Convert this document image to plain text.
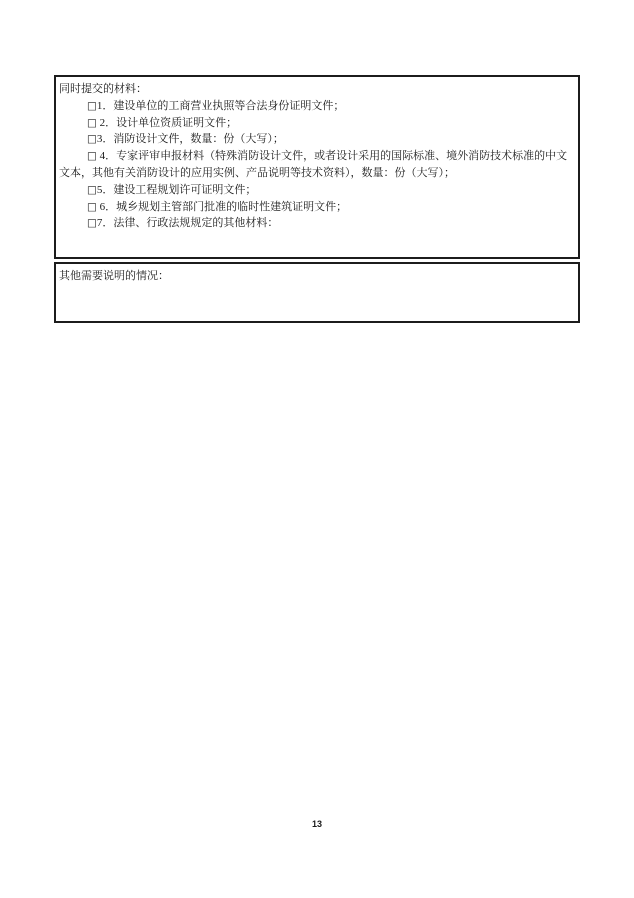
同时提交的材料：
□1．建设单位的工商营业执照等合法身份证明文件；
□ 2．设计单位资质证明文件；
□3．消防设计文件，数量：份（大写）；
□ 4．专家评审申报材料（特殊消防设计文件，或者设计采用的国际标准、境外消防技术标准的中文文本，其他有关消防设计的应用实例、产品说明等技术资料），数量：份（大写）；
□5．建设工程规划许可证明文件；
□ 6．城乡规划主管部门批准的临时性建筑证明文件；
□7．法律、行政法规规定的其他材料：
其他需要说明的情况：
13
